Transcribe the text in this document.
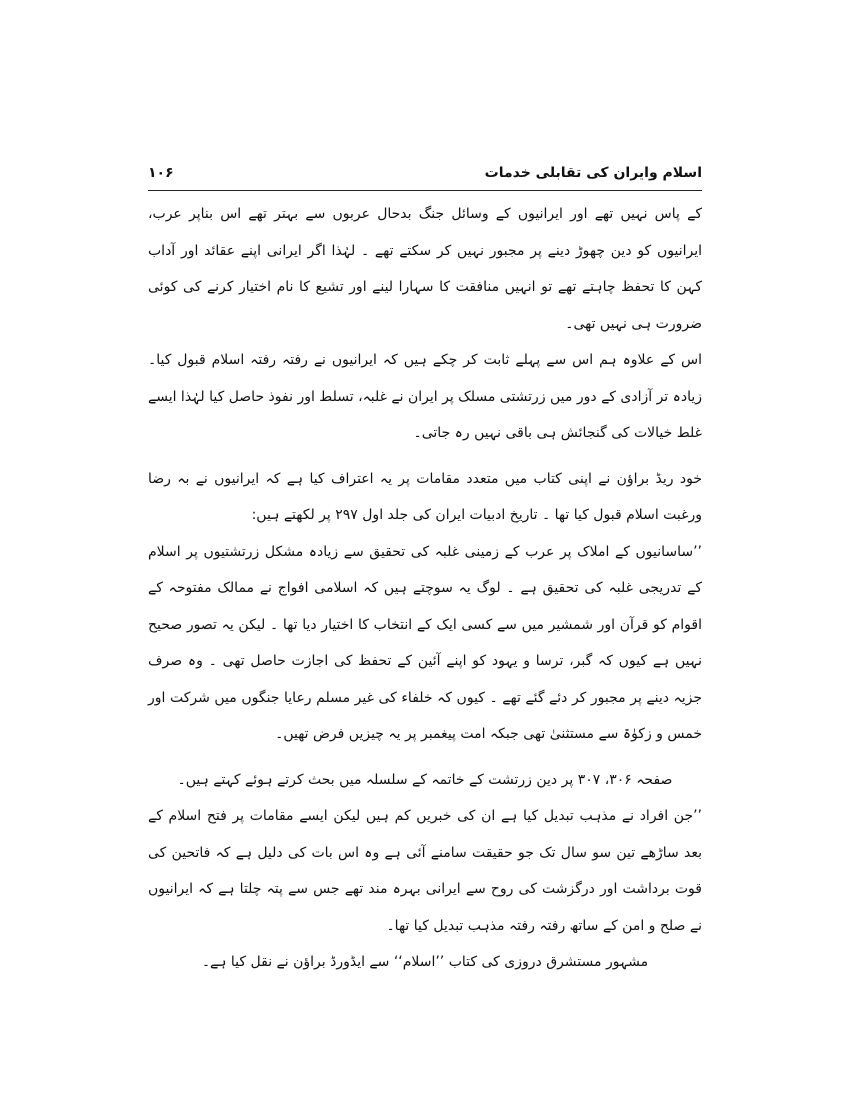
اسلام وایران کی تقابلی خدمات
۱۰۶

کے پاس نہیں تھے اور ایرانیوں کے وسائل جنگ بدحال عربوں سے بہتر تھے اس بناپر عرب، ایرانیوں کو دین چھوڑ دینے پر مجبور نہیں کر سکتے تھے ۔ لہٰذا اگر ایرانی اپنے عقائد اور آداب کہن کا تحفظ چاہتے تھے تو انہیں منافقت کا سہارا لینے اور تشیع کا نام اختیار کرنے کی کوئی ضرورت ہی نہیں تھی۔

اس کے علاوہ ہم اس سے پہلے ثابت کر چکے ہیں کہ ایرانیوں نے رفتہ رفتہ اسلام قبول کیا۔ زیادہ تر آزادی کے دور میں زرتشتی مسلک پر ایران نے غلبہ، تسلط اور نفوذ حاصل کیا لہٰذا ایسے غلط خیالات کی گنجائش ہی باقی نہیں رہ جاتی۔

خود ریڈ براؤن نے اپنی کتاب میں متعدد مقامات پر یہ اعتراف کیا ہے کہ ایرانیوں نے بہ رضا ورغبت اسلام قبول کیا تھا ۔ تاریخ ادبیات ایران کی جلد اول ۲۹۷ پر لکھتے ہیں:

’’ساسانیوں کے املاک پر عرب کے زمینی غلبہ کی تحقیق سے زیادہ مشکل زرتشتیوں پر اسلام کے تدریجی غلبہ کی تحقیق ہے ۔ لوگ یہ سوچتے ہیں کہ اسلامی افواج نے ممالک مفتوحہ کے اقوام کو قرآن اور شمشیر میں سے کسی ایک کے انتخاب کا اختیار دیا تھا ۔ لیکن یہ تصور صحیح نہیں ہے کیوں کہ گبر، ترسا و یہود کو اپنے آئین کے تحفظ کی اجازت حاصل تھی ۔ وہ صرف جزیہ دینے پر مجبور کر دئے گئے تھے ۔ کیوں کہ خلفاء کی غیر مسلم رعایا جنگوں میں شرکت اور خمس و زکوٰۃ سے مستثنیٰ تھی جبکہ امت پیغمبر پر یہ چیزیں فرض تھیں۔

صفحہ ۳۰۶، ۳۰۷ پر دین زرتشت کے خاتمہ کے سلسلہ میں بحث کرتے ہوئے کہتے ہیں۔

’’جن افراد نے مذہب تبدیل کیا ہے ان کی خبریں کم ہیں لیکن ایسے مقامات پر فتح اسلام کے بعد ساڑھے تین سو سال تک جو حقیقت سامنے آئی ہے وہ اس بات کی دلیل ہے کہ فاتحین کی قوت برداشت اور درگزشت کی روح سے ایرانی بہرہ مند تھے جس سے پتہ چلتا ہے کہ ایرانیوں نے صلح و امن کے ساتھ رفتہ رفتہ مذہب تبدیل کیا تھا۔

مشہور مستشرق دروزی کی کتاب ’’اسلام‘‘ سے ایڈورڈ براؤن نے نقل کیا ہے۔
